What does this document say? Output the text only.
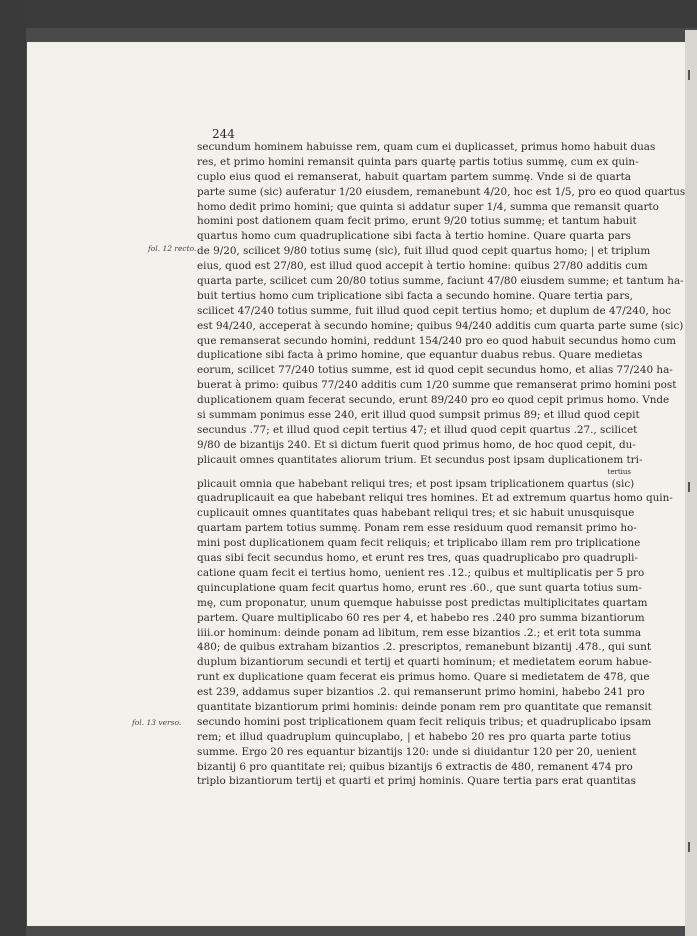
244
fol. 12 recto.
fol. 13 verso.
secundum hominem habuisse rem, quam cum ei duplicasset, primus homo habuit duas
res, et primo homini remansit quinta pars quartę partis totius summę, cum ex quin-
cuplo eius quod ei remanserat, habuit quartam partem summę. Vnde si de quarta
parte sume (sic) auferatur 1/20 eiusdem, remanebunt 4/20, hoc est 1/5, pro eo quod quartus
homo dedit primo homini; que quinta si addatur super 1/4, summa que remansit quarto
homini post dationem quam fecit primo, erunt 9/20 totius summę; et tantum habuit
quartus homo cum quadruplicatione sibi facta à tertio homine. Quare quarta pars
de 9/20, scilicet 9/80 totius sumę (sic), fuit illud quod cepit quartus homo; | et triplum
eius, quod est 27/80, est illud quod accepit à tertio homine: quibus 27/80 additis cum
quarta parte, scilicet cum 20/80 totius summe, faciunt 47/80 eiusdem summe; et tantum ha-
buit tertius homo cum triplicatione sibi facta a secundo homine. Quare tertia pars,
scilicet 47/240 totius summe, fuit illud quod cepit tertius homo; et duplum de 47/240, hoc
est 94/240, acceperat à secundo homine; quibus 94/240 additis cum quarta parte sume (sic)
que remanserat secundo homini, reddunt 154/240 pro eo quod habuit secundus homo cum
duplicatione sibi facta à primo homine, que equantur duabus rebus. Quare medietas
eorum, scilicet 77/240 totius summe, est id quod cepit secundus homo, et alias 77/240 ha-
buerat à primo: quibus 77/240 additis cum 1/20 summe que remanserat primo homini post
duplicationem quam fecerat secundo, erunt 89/240 pro eo quod cepit primus homo. Vnde
si summam ponimus esse 240, erit illud quod sumpsit primus 89; et illud quod cepit
secundus .77; et illud quod cepit tertius 47; et illud quod cepit quartus .27., scilicet
9/80 de bizantijs 240. Et si dictum fuerit quod primus homo, de hoc quod cepit, du-
plicauit omnes quantitates aliorum trium. Et secundus post ipsam duplicationem tri-
tertius
plicauit omnia que habebant reliqui tres; et post ipsam triplicationem quartus (sic)
quadruplicauit ea que habebant reliqui tres homines. Et ad extremum quartus homo quin-
cuplicauit omnes quantitates quas habebant reliqui tres; et sic habuit unusquisque
quartam partem totius summę. Ponam rem esse residuum quod remansit primo ho-
mini post duplicationem quam fecit reliquis; et triplicabo illam rem pro triplicatione
quas sibi fecit secundus homo, et erunt res tres, quas quadruplicabo pro quadrupli-
catione quam fecit ei tertius homo, uenient res .12.; quibus et multiplicatis per 5 pro
quincuplatione quam fecit quartus homo, erunt res .60., que sunt quarta totius sum-
mę, cum proponatur, unum quemque habuisse post predictas multiplicitates quartam
partem. Quare multiplicabo 60 res per 4, et habebo res .240 pro summa bizantiorum
iiii.or hominum: deinde ponam ad libitum, rem esse bizantios .2.; et erit tota summa
480; de quibus extraham bizantios .2. prescriptos, remanebunt bizantij .478., qui sunt
duplum bizantiorum secundi et tertij et quarti hominum; et medietatem eorum habue-
runt ex duplicatione quam fecerat eis primus homo. Quare si medietatem de 478, que
est 239, addamus super bizantios .2. qui remanserunt primo homini, habebo 241 pro
quantitate bizantiorum primi hominis: deinde ponam rem pro quantitate que remansit
secundo homini post triplicationem quam fecit reliquis tribus; et quadruplicabo ipsam
rem; et illud quadruplum quincuplabo, | et habebo 20 res pro quarta parte totius
summe. Ergo 20 res equantur bizantijs 120: unde si diuidantur 120 per 20, uenient
bizantij 6 pro quantitate rei; quibus bizantijs 6 extractis de 480, remanent 474 pro
triplo bizantiorum tertij et quarti et primj hominis. Quare tertia pars erat quantitas
